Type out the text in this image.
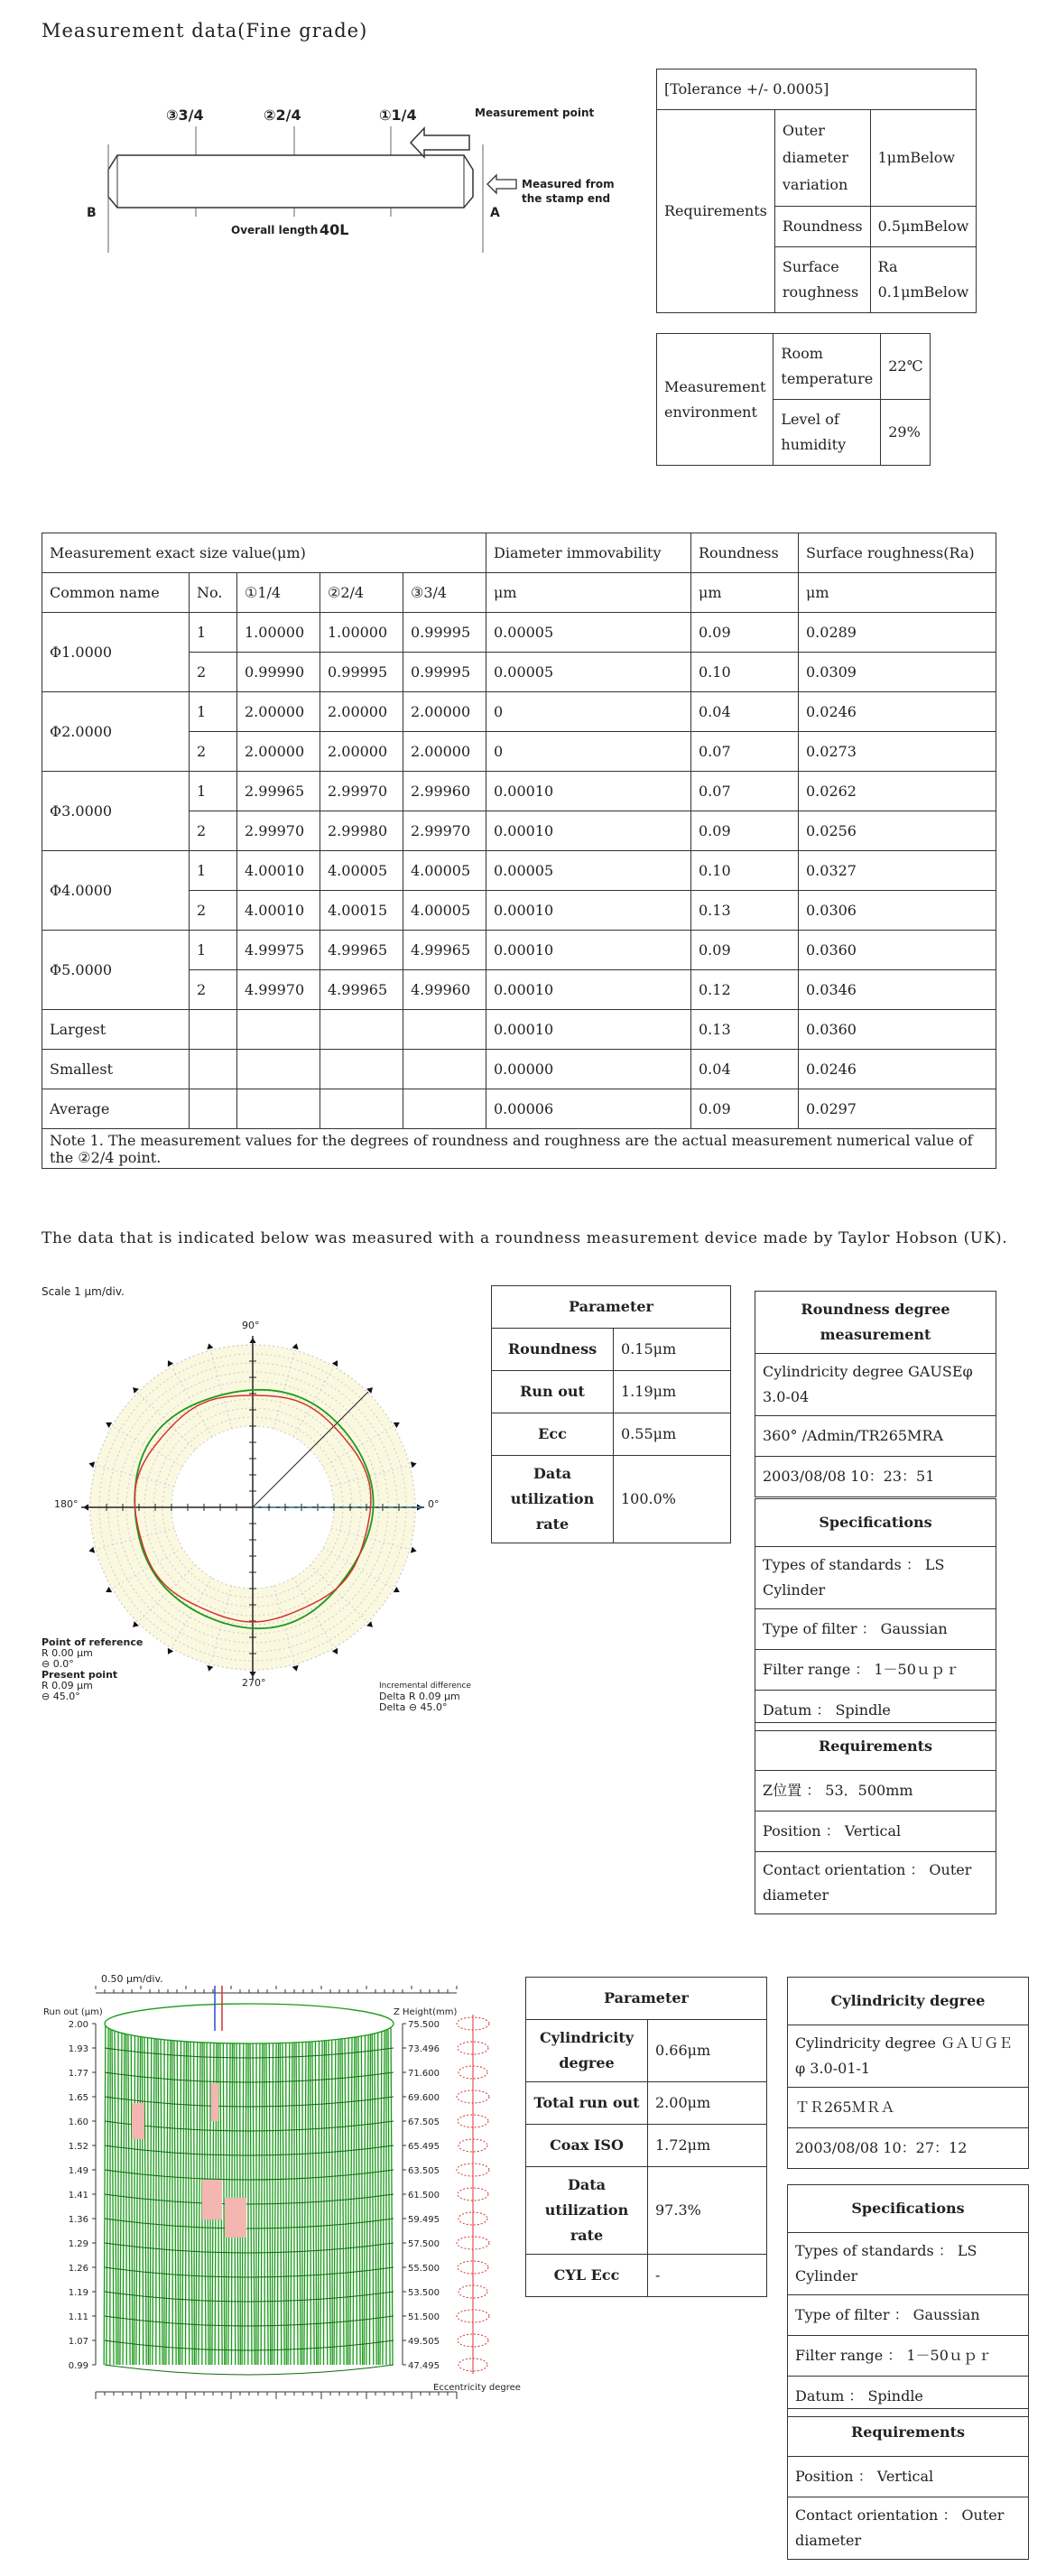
Measurement data(Fine grade)
③3/4	②2/4	①1/4	Measurement point
Measured from
the stamp end
B	A
Overall length 40L
[Tolerance +/- 0.0005]		
Requirements	Outer diameter variation	1μmBelow
	Roundness	0.5μmBelow
	Surface roughness	Ra 0.1μmBelow
Measurement environment	Room temperature	22℃
	Level of humidity	29%
Measurement exact size value(μm)					Diameter immovability	Roundness	Surface roughness(Ra)
Common name	No.	①1/4	②2/4	③3/4	μm	μm	μm
Φ1.0000	1	1.00000	1.00000	0.99995	0.00005	0.09	0.0289
	2	0.99990	0.99995	0.99995	0.00005	0.10	0.0309
Φ2.0000	1	2.00000	2.00000	2.00000	0	0.04	0.0246
	2	2.00000	2.00000	2.00000	0	0.07	0.0273
Φ3.0000	1	2.99965	2.99970	2.99960	0.00010	0.07	0.0262
	2	2.99970	2.99980	2.99970	0.00010	0.09	0.0256
Φ4.0000	1	4.00010	4.00005	4.00005	0.00005	0.10	0.0327
	2	4.00010	4.00015	4.00005	0.00010	0.13	0.0306
Φ5.0000	1	4.99975	4.99965	4.99965	0.00010	0.09	0.0360
	2	4.99970	4.99965	4.99960	0.00010	0.12	0.0346
Largest					0.00010	0.13	0.0360
Smallest					0.00000	0.04	0.0246
Average					0.00006	0.09	0.0297
Note 1. The measurement values for the degrees of roundness and roughness are the actual measurement numerical value of the ②2/4 point.							
The data that is indicated below was measured with a roundness measurement device made by Taylor Hobson (UK).
Scale 1 μm/div.
90°
180°	0°
270°
Point of reference
R 0.00 μm
⊖ 0.0°
Present point
R 0.09 μm
⊖ 45.0°
Incremental difference
Delta R 0.09 μm
Delta ⊖ 45.0°
Parameter	
Roundness	0.15μm
Run out	1.19μm
Ecc	0.55μm
Data utilization rate	100.0%
Roundness degree measurement
Cylindricity degree GAUSEφ 3.0-04
360° /Admin/TR265MRA
2003/08/08 10：23：51
Specifications
Types of standards ： LS Cylinder
Type of filter ： Gaussian
Filter range ： 1－50ｕｐｒ
Datum ： Spindle
Requirements
Z位置 ： 53．500mm
Position ： Vertical
Contact orientation ： Outer diameter
0.50 μm/div.
Run out (μm)	Z Height(mm)
Eccentricity degree
2.00
1.93
1.77
1.65
1.60
1.52
1.49
1.41
1.36
1.29
1.26
1.19
1.11
1.07
0.99
75.500
73.496
71.600
69.600
67.505
65.495
63.505
61.500
59.495
57.500
55.500
53.500
51.500
49.505
47.495
Parameter	
Cylindricity degree	0.66μm
Total run out	2.00μm
Coax ISO	1.72μm
Data utilization rate	97.3%
CYL Ecc	-
Cylindricity degree
Cylindricity degree ＧＡＵＧＥφ 3.0-01-1
ＴＲ265ＭＲＡ
2003/08/08 10：27：12
Specifications
Types of standards ： LS Cylinder
Type of filter ： Gaussian
Filter range ： 1－50ｕｐｒ
Datum ： Spindle
Requirements
Position ： Vertical
Contact orientation ： Outer diameter
